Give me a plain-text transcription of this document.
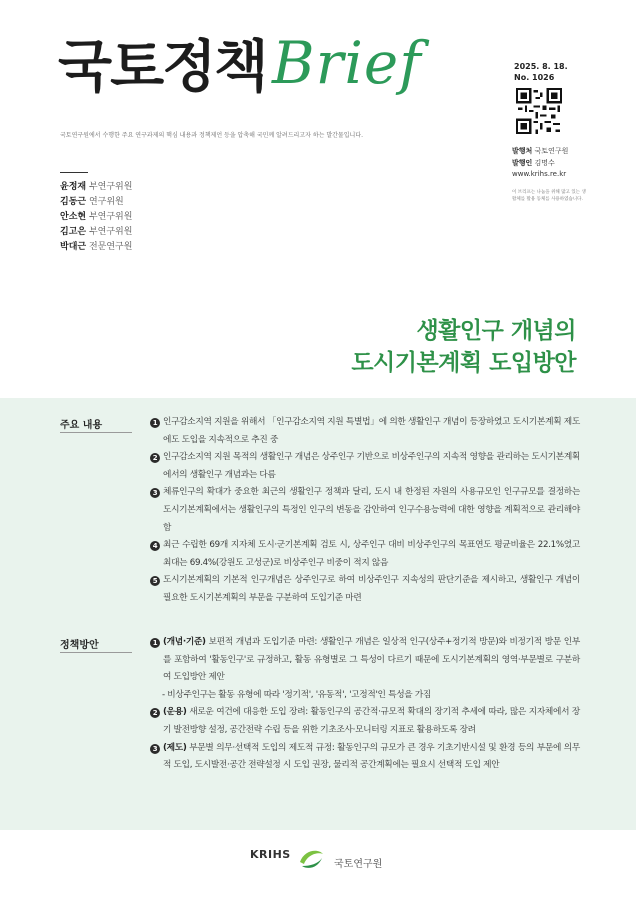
국토정책 Brief
국토연구원에서 수행한 주요 연구과제의 핵심 내용과 정책제언 등을 압축해 국민께 알려드리고자 하는 발간물입니다.
2025. 8. 18.
No. 1026
발행처 국토연구원
발행인 김명수
www.krihs.re.kr
이 브리프는 나눔을 위해 많고 있는 생활체를 활용 동체를 사용하였습니다.
윤정재 부연구위원
김동근 연구위원
안소현 부연구위원
김고은 부연구위원
박대근 전문연구원
생활인구 개념의
도시기본계획 도입방안
주요 내용	1 인구감소지역 지원을 위해서 「인구감소지역 지원 특별법」에 의한 생활인구 개념이 등장하였고 도시기본계획 제도에도 도입을 지속적으로 추진 중
2 인구감소지역 지원 목적의 생활인구 개념은 상주인구 기반으로 비상주인구의 지속적 영향을 관리하는 도시기본계획에서의 생활인구 개념과는 다름
3 체류인구의 확대가 중요한 최근의 생활인구 정책과 달리, 도시 내 한정된 자원의 사용규모인 인구규모를 결정하는 도시기본계획에서는 생활인구의 특정인 인구의 변동을 감안하여 인구수용능력에 대한 영향을 계획적으로 관리해야 함
4 최근 수립한 69개 지자체 도시·군기본계획 검토 시, 상주인구 대비 비상주인구의 목표연도 평균비율은 22.1%였고 최대는 69.4%(강원도 고성군)로 비상주인구 비중이 적지 않음
5 도시기본계획의 기본적 인구개념은 상주인구로 하여 비상주인구 지속성의 판단기준을 제시하고, 생활인구 개념이 필요한 도시기본계획의 부문을 구분하여 도입기준 마련
정책방안	1 (개념·기준) 보편적 개념과 도입기준 마련: 생활인구 개념은 일상적 인구(상주+정기적 방문)와 비정기적 방문 인부를 포함하여 '활동인구'로 규정하고, 활동 유형별로 그 특성이 다르기 때문에 도시기본계획의 영역·부문별로 구분하여 도입방안 제안
- 비상주인구는 활동 유형에 따라 '정기적', '유동적', '고정적'인 특성을 가짐
2 (운용) 새로운 여건에 대응한 도입 장려: 활동인구의 공간적·규모적 확대의 장기적 추세에 따라, 많은 지자체에서 장기 발전방향 설정, 공간전략 수립 등을 위한 기초조사·모니터링 지표로 활용하도록 장려
3 (제도) 부문별 의무·선택적 도입의 제도적 규정: 활동인구의 규모가 큰 경우 기초기반시설 및 환경 등의 부문에 의무적 도입, 도시발전·공간 전략설정 시 도입 권장, 물리적 공간계획에는 필요시 선택적 도입 제안
KRIHS
국토연구원
